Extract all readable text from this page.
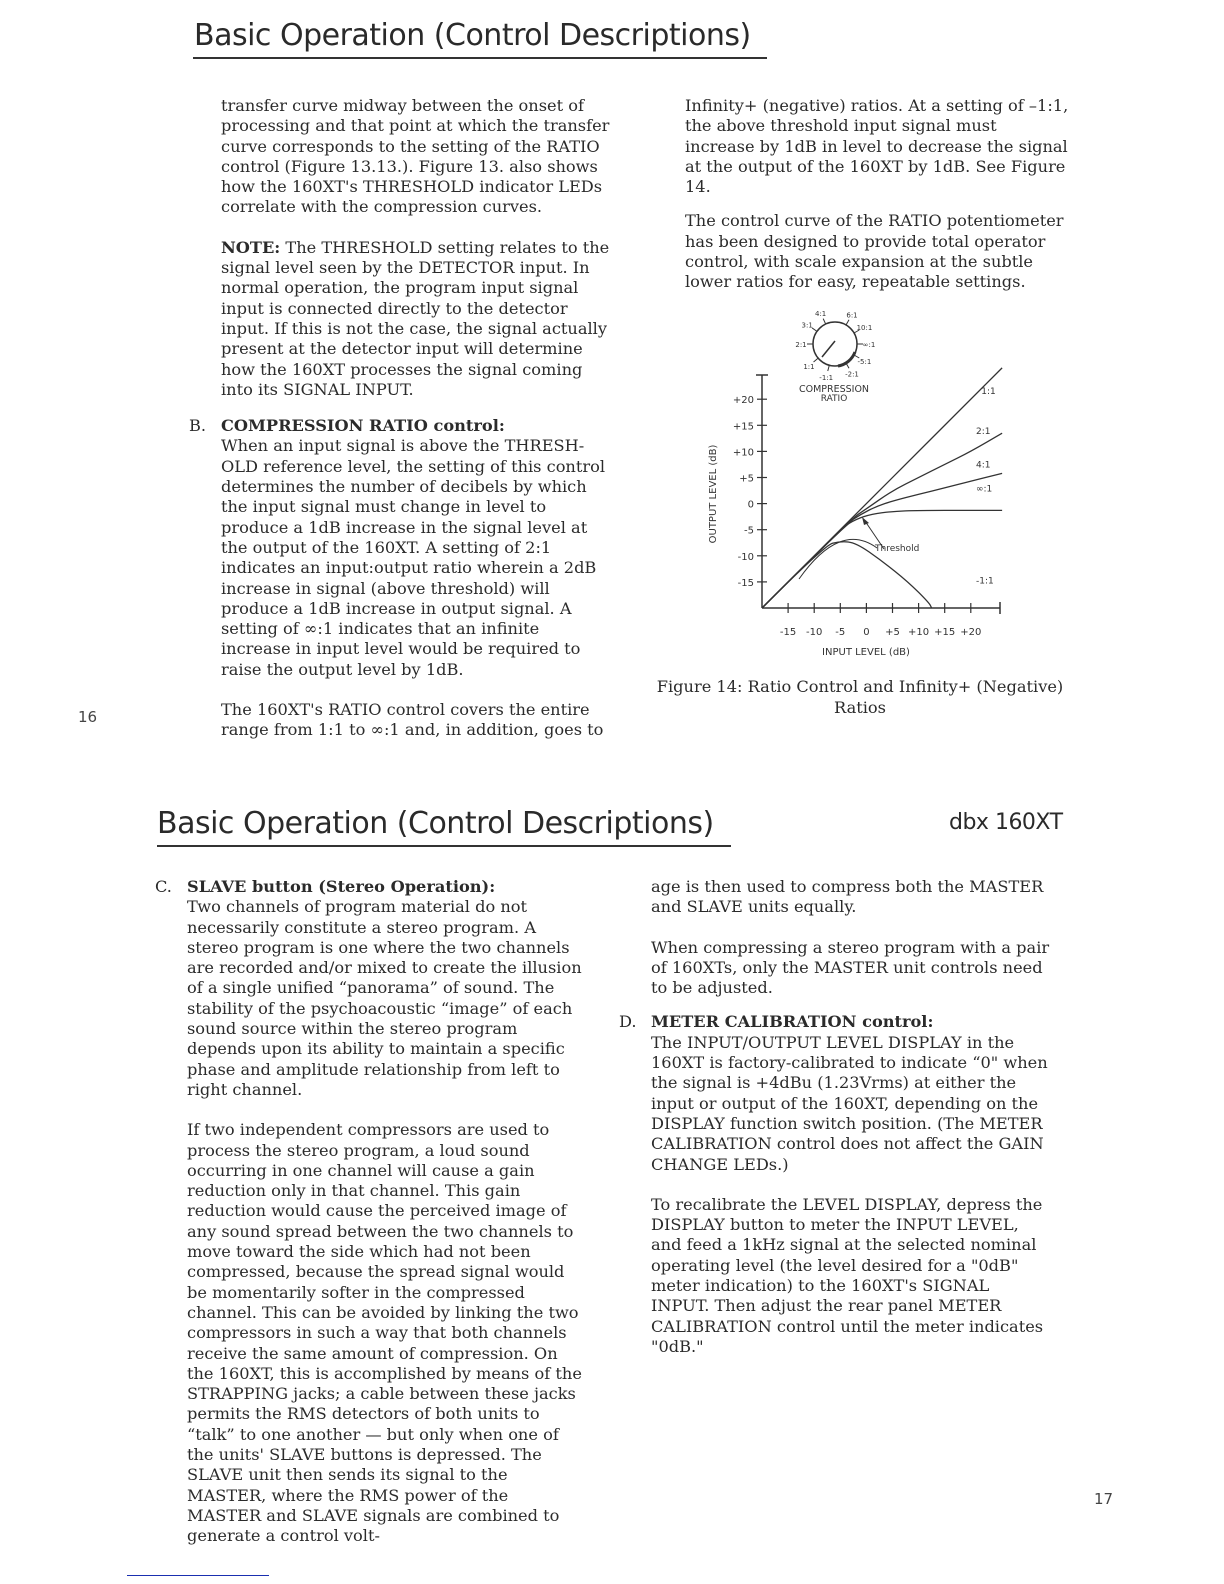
Basic Operation (Control Descriptions)

transfer curve midway between the onset of processing and that point at which the transfer curve corresponds to the setting of the RATIO control (Figure 13.13.). Figure 13. also shows how the 160XT's THRESHOLD indicator LEDs correlate with the compression curves.

NOTE: The THRESHOLD setting relates to the signal level seen by the DETECTOR input. In normal operation, the program input signal input is connected directly to the detector input. If this is not the case, the signal actually present at the detector input will determine how the 160XT processes the signal coming into its SIGNAL INPUT.

B. COMPRESSION RATIO control:

When an input signal is above the THRESH-OLD reference level, the setting of this control determines the number of decibels by which the input signal must change in level to produce a 1dB increase in the signal level at the output of the 160XT. A setting of 2:1 indicates an input:output ratio wherein a 2dB increase in signal (above threshold) will produce a 1dB increase in output signal. A setting of ∞:1 indicates that an infinite increase in input level would be required to raise the output level by 1dB.

The 160XT's RATIO control covers the entire range from 1:1 to ∞:1 and, in addition, goes to

Infinity+ (negative) ratios. At a setting of –1:1, the above threshold input signal must increase by 1dB in level to decrease the signal at the output of the 160XT by 1dB. See Figure 14.

The control curve of the RATIO potentiometer has been designed to provide total operator control, with scale expansion at the subtle lower ratios for easy, repeatable settings.

-1:1
1:1
2:1
3:1
4:1	6:1
10:1
∞:1
-5:1
-2:1
COMPRESSION
RATIO
-15 -10 -5 0 +5 +10 +15 +20
+20
+15
+10
+5
0
-5
-10
-15
1:1
2:1
4:1
∞:1
-1:1
Threshold
INPUT LEVEL (dB)
OUTPUT LEVEL (dB)
Figure 14: Ratio Control and Infinity+ (Negative) Ratios
16
Basic Operation (Control Descriptions)	dbx 160XT
C. SLAVE button (Stereo Operation):

Two channels of program material do not necessarily constitute a stereo program. A stereo program is one where the two channels are recorded and/or mixed to create the illusion of a single unified “panorama” of sound. The stability of the psychoacoustic “image” of each sound source within the stereo program depends upon its ability to maintain a specific phase and amplitude relationship from left to right channel.

If two independent compressors are used to process the stereo program, a loud sound occurring in one channel will cause a gain reduction only in that channel. This gain reduction would cause the perceived image of any sound spread between the two channels to move toward the side which had not been compressed, because the spread signal would be momentarily softer in the compressed channel. This can be avoided by linking the two compressors in such a way that both channels receive the same amount of compression. On the 160XT, this is accomplished by means of the STRAPPING jacks; a cable between these jacks permits the RMS detectors of both units to “talk” to one another — but only when one of the units' SLAVE buttons is depressed. The SLAVE unit then sends its signal to the MASTER, where the RMS power of the MASTER and SLAVE signals are combined to generate a control volt-

age is then used to compress both the MASTER and SLAVE units equally.

When compressing a stereo program with a pair of 160XTs, only the MASTER unit controls need to be adjusted.

D. METER CALIBRATION control:

The INPUT/OUTPUT LEVEL DISPLAY in the 160XT is factory-calibrated to indicate “0" when the signal is +4dBu (1.23Vrms) at either the input or output of the 160XT, depending on the DISPLAY function switch position. (The METER CALIBRATION control does not affect the GAIN CHANGE LEDs.)

To recalibrate the LEVEL DISPLAY, depress the DISPLAY button to meter the INPUT LEVEL, and feed a 1kHz signal at the selected nominal operating level (the level desired for a "0dB" meter indication) to the 160XT's SIGNAL INPUT. Then adjust the rear panel METER CALIBRATION control until the meter indicates "0dB."

17
